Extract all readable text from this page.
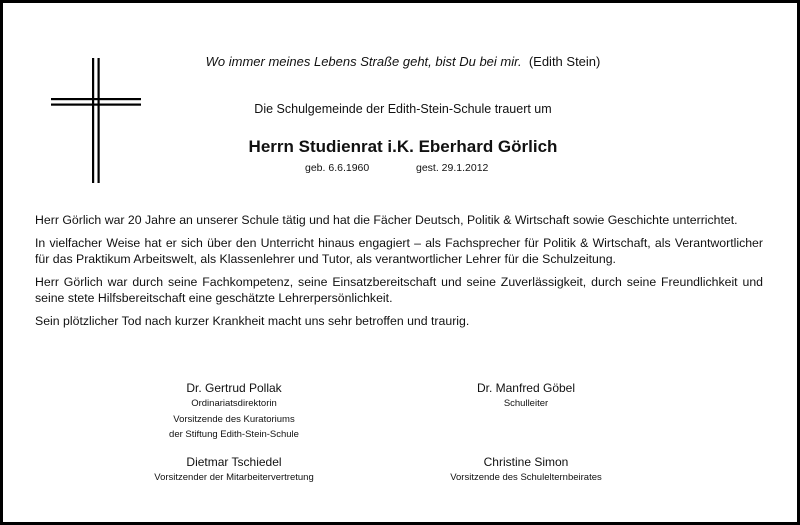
Wo immer meines Lebens Straße geht, bist Du bei mir. (Edith Stein)
Die Schulgemeinde der Edith-Stein-Schule trauert um
Herrn Studienrat i.K. Eberhard Görlich
geb. 6.6.1960	gest. 29.1.2012

Herr Görlich war 20 Jahre an unserer Schule tätig und hat die Fächer Deutsch, Politik & Wirtschaft sowie Geschichte unterrichtet.

In vielfacher Weise hat er sich über den Unterricht hinaus engagiert – als Fachsprecher für Politik & Wirtschaft, als Verantwortlicher für das Praktikum Arbeitswelt, als Klassenlehrer und Tutor, als verantwortlicher Lehrer für die Schulzeitung.

Herr Görlich war durch seine Fachkompetenz, seine Einsatzbereitschaft und seine Zuverlässigkeit, durch seine Freundlichkeit und seine stete Hilfsbereitschaft eine geschätzte Lehrerpersönlichkeit.

Sein plötzlicher Tod nach kurzer Krankheit macht uns sehr betroffen und traurig.

Dr. Gertrud Pollak
Ordinariatsdirektorin
Vorsitzende des Kuratoriums
der Stiftung Edith-Stein-Schule
Dr. Manfred Göbel
Schulleiter
Dietmar Tschiedel
Vorsitzender der Mitarbeitervertretung
Christine Simon
Vorsitzende des Schulelternbeirates
